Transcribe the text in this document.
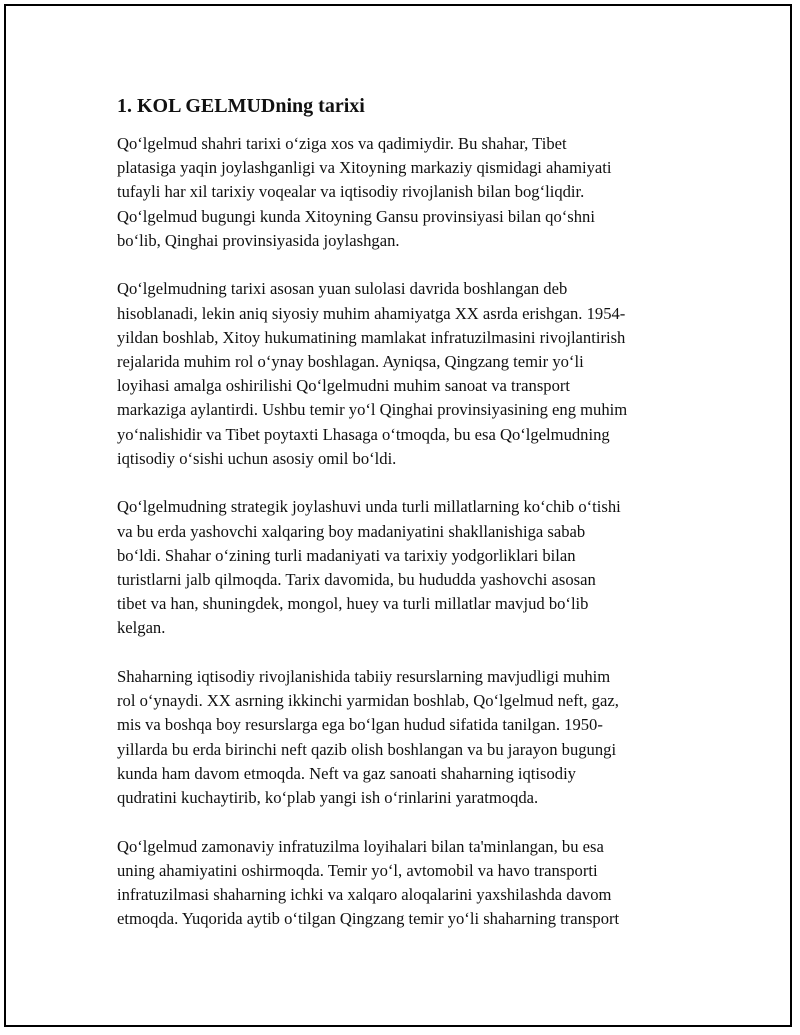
1. KOL GELMUDning tarixi

Qo‘lgelmud shahri tarixi o‘ziga xos va qadimiydir. Bu shahar, Tibet
platasiga yaqin joylashganligi va Xitoyning markaziy qismidagi ahamiyati
tufayli har xil tarixiy voqealar va iqtisodiy rivojlanish bilan bog‘liqdir.
Qo‘lgelmud bugungi kunda Xitoyning Gansu provinsiyasi bilan qo‘shni
bo‘lib, Qinghai provinsiyasida joylashgan.

Qo‘lgelmudning tarixi asosan yuan sulolasi davrida boshlangan deb
hisoblanadi, lekin aniq siyosiy muhim ahamiyatga XX asrda erishgan. 1954-
yildan boshlab, Xitoy hukumatining mamlakat infratuzilmasini rivojlantirish
rejalarida muhim rol o‘ynay boshlagan. Ayniqsa, Qingzang temir yo‘li
loyihasi amalga oshirilishi Qo‘lgelmudni muhim sanoat va transport
markaziga aylantirdi. Ushbu temir yo‘l Qinghai provinsiyasining eng muhim
yo‘nalishidir va Tibet poytaxti Lhasaga o‘tmoqda, bu esa Qo‘lgelmudning
iqtisodiy o‘sishi uchun asosiy omil bo‘ldi.

Qo‘lgelmudning strategik joylashuvi unda turli millatlarning ko‘chib o‘tishi
va bu erda yashovchi xalqaring boy madaniyatini shakllanishiga sabab
bo‘ldi. Shahar o‘zining turli madaniyati va tarixiy yodgorliklari bilan
turistlarni jalb qilmoqda. Tarix davomida, bu hududda yashovchi asosan
tibet va han, shuningdek, mongol, huey va turli millatlar mavjud bo‘lib
kelgan.

Shaharning iqtisodiy rivojlanishida tabiiy resurslarning mavjudligi muhim
rol o‘ynaydi. XX asrning ikkinchi yarmidan boshlab, Qo‘lgelmud neft, gaz,
mis va boshqa boy resurslarga ega bo‘lgan hudud sifatida tanilgan. 1950-
yillarda bu erda birinchi neft qazib olish boshlangan va bu jarayon bugungi
kunda ham davom etmoqda. Neft va gaz sanoati shaharning iqtisodiy
qudratini kuchaytirib, ko‘plab yangi ish o‘rinlarini yaratmoqda.

Qo‘lgelmud zamonaviy infratuzilma loyihalari bilan ta'minlangan, bu esa
uning ahamiyatini oshirmoqda. Temir yo‘l, avtomobil va havo transporti
infratuzilmasi shaharning ichki va xalqaro aloqalarini yaxshilashda davom
etmoqda. Yuqorida aytib o‘tilgan Qingzang temir yo‘li shaharning transport
